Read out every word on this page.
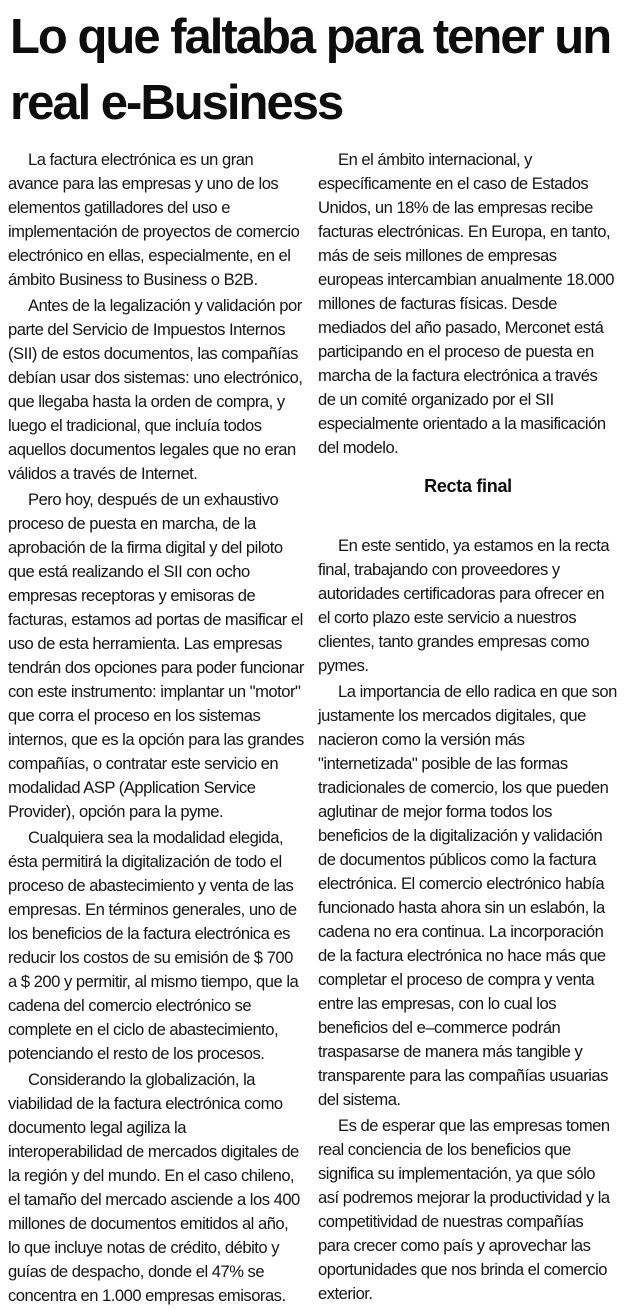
Lo que faltaba para tener un real e-Business

La factura electrónica es un gran avance para las empresas y uno de los elementos gatilladores del uso e implementación de proyectos de comercio electrónico en ellas, especialmente, en el ámbito Business to Business o B2B.

Antes de la legalización y validación por parte del Servicio de Impuestos Internos (SII) de estos documentos, las compañías debían usar dos sistemas: uno electrónico, que llegaba hasta la orden de compra, y luego el tradicional, que incluía todos aquellos documentos legales que no eran válidos a través de Internet.

Pero hoy, después de un exhaustivo proceso de puesta en marcha, de la aprobación de la firma digital y del piloto que está realizando el SII con ocho empresas receptoras y emisoras de facturas, estamos ad portas de masificar el uso de esta herramienta. Las empresas tendrán dos opciones para poder funcionar con este instrumento: implantar un "motor" que corra el proceso en los sistemas internos, que es la opción para las grandes compañías, o contratar este servicio en modalidad ASP (Application Service Provider), opción para la pyme.

Cualquiera sea la modalidad elegida, ésta permitirá la digitalización de todo el proceso de abastecimiento y venta de las empresas. En términos generales, uno de los beneficios de la factura electrónica es reducir los costos de su emisión de $ 700 a $ 200 y permitir, al mismo tiempo, que la cadena del comercio electrónico se complete en el ciclo de abastecimiento, potenciando el resto de los procesos.

Considerando la globalización, la viabilidad de la factura electrónica como documento legal agiliza la interoperabilidad de mercados digitales de la región y del mundo. En el caso chileno, el tamaño del mercado asciende a los 400 millones de documentos emitidos al año, lo que incluye notas de crédito, débito y guías de despacho, donde el 47% se concentra en 1.000 empresas emisoras.

En el ámbito internacional, y específicamente en el caso de Estados Unidos, un 18% de las empresas recibe facturas electrónicas. En Europa, en tanto, más de seis millones de empresas europeas intercambian anualmente 18.000 millones de facturas físicas. Desde mediados del año pasado, Merconet está participando en el proceso de puesta en marcha de la factura electrónica a través de un comité organizado por el SII especialmente orientado a la masificación del modelo.

Recta final

En este sentido, ya estamos en la recta final, trabajando con proveedores y autoridades certificadoras para ofrecer en el corto plazo este servicio a nuestros clientes, tanto grandes empresas como pymes.

La importancia de ello radica en que son justamente los mercados digitales, que nacieron como la versión más "internetizada" posible de las formas tradicionales de comercio, los que pueden aglutinar de mejor forma todos los beneficios de la digitalización y validación de documentos públicos como la factura electrónica. El comercio electrónico había funcionado hasta ahora sin un eslabón, la cadena no era continua. La incorporación de la factura electrónica no hace más que completar el proceso de compra y venta entre las empresas, con lo cual los beneficios del e–commerce podrán traspasarse de manera más tangible y transparente para las compañías usuarias del sistema.

Es de esperar que las empresas tomen real conciencia de los beneficios que significa su implementación, ya que sólo así podremos mejorar la productividad y la competitividad de nuestras compañías para crecer como país y aprovechar las oportunidades que nos brinda el comercio exterior.
